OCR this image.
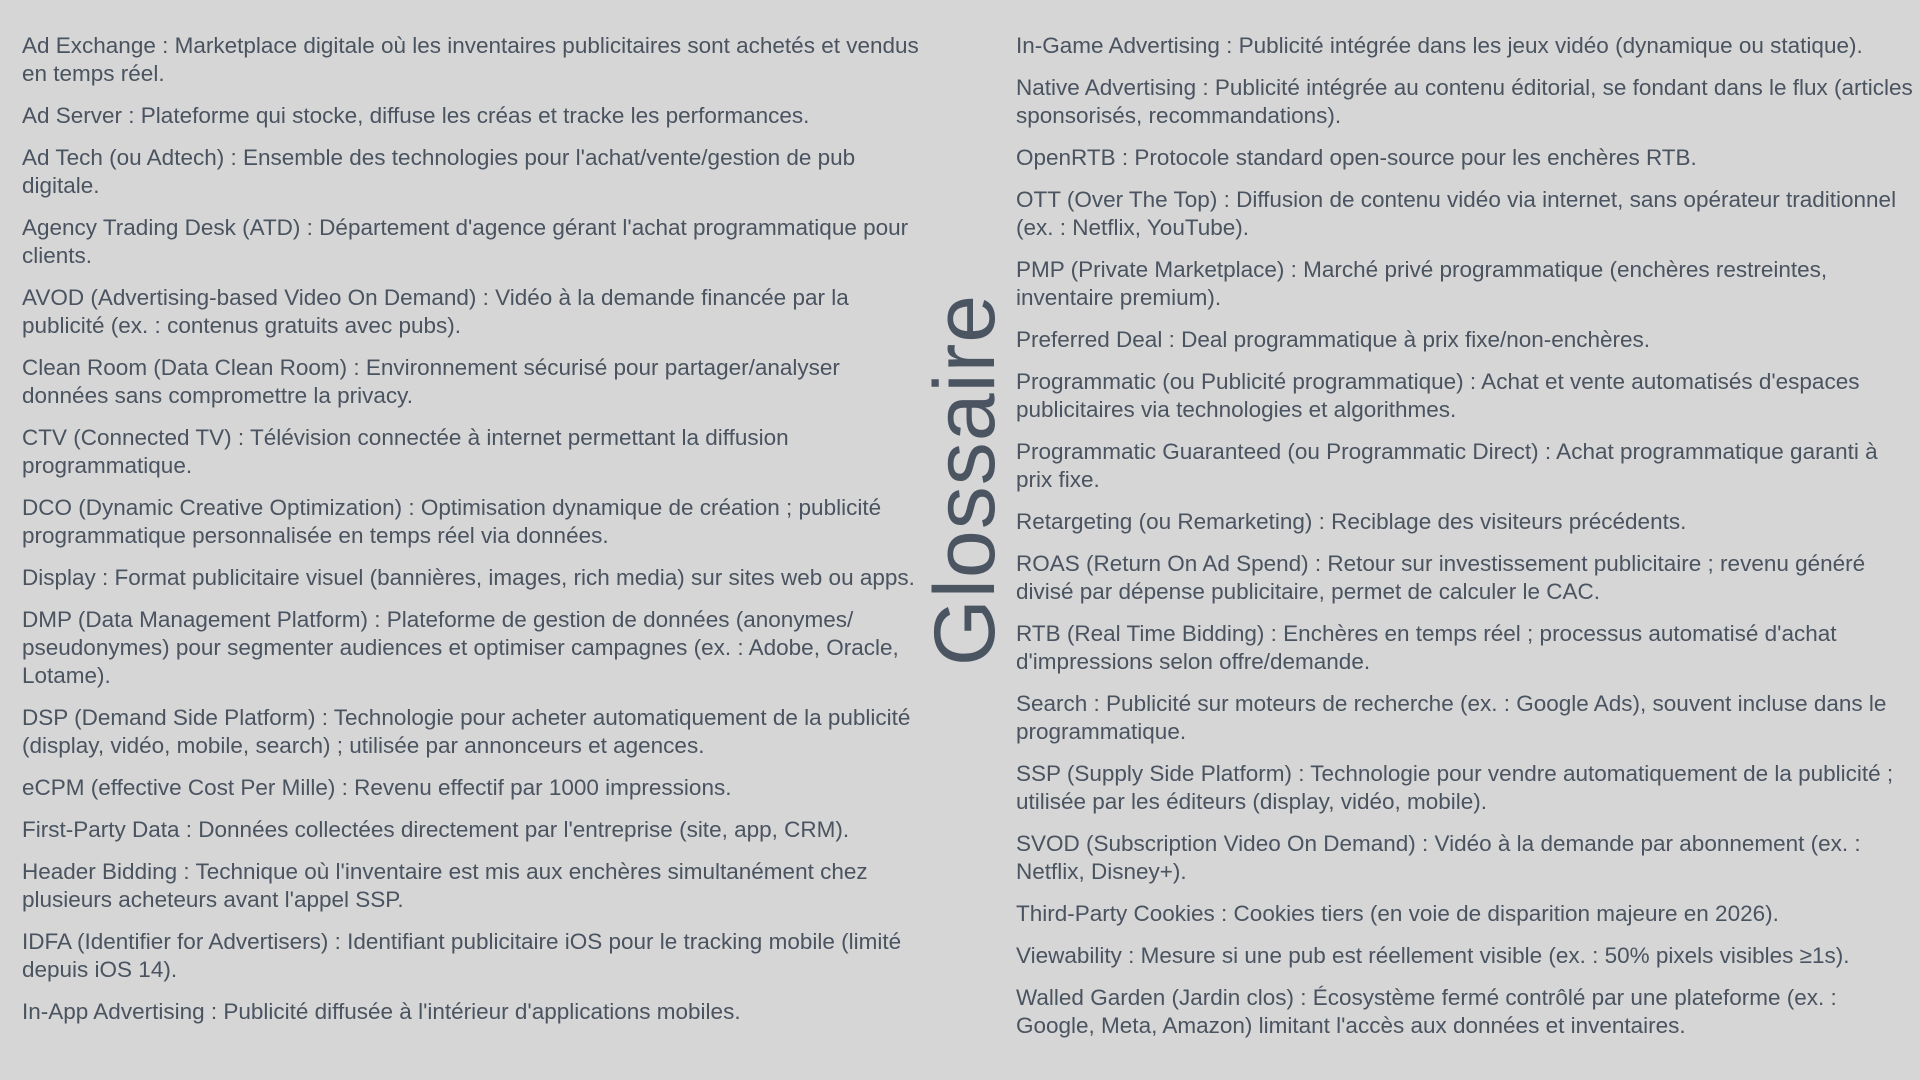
Ad Exchange : Marketplace digitale où les inventaires publicitaires sont achetés et vendus en temps réel.

Ad Server : Plateforme qui stocke, diffuse les créas et tracke les performances.

Ad Tech (ou Adtech) : Ensemble des technologies pour l'achat/vente/gestion de pub digitale.

Agency Trading Desk (ATD) : Département d'agence gérant l'achat programmatique pour clients.

AVOD (Advertising-based Video On Demand) : Vidéo à la demande financée par la publicité (ex. : contenus gratuits avec pubs).

Clean Room (Data Clean Room) : Environnement sécurisé pour partager/analyser données sans compromettre la privacy.

CTV (Connected TV) : Télévision connectée à internet permettant la diffusion programmatique.

DCO (Dynamic Creative Optimization) : Optimisation dynamique de création ; publicité programmatique personnalisée en temps réel via données.

Display : Format publicitaire visuel (bannières, images, rich media) sur sites web ou apps.

DMP (Data Management Platform) : Plateforme de gestion de données (anonymes/ pseudonymes) pour segmenter audiences et optimiser campagnes (ex. : Adobe, Oracle, Lotame).

DSP (Demand Side Platform) : Technologie pour acheter automatiquement de la publicité (display, vidéo, mobile, search) ; utilisée par annonceurs et agences.

eCPM (effective Cost Per Mille) : Revenu effectif par 1000 impressions.

First-Party Data : Données collectées directement par l'entreprise (site, app, CRM).

Header Bidding : Technique où l'inventaire est mis aux enchères simultanément chez plusieurs acheteurs avant l'appel SSP.

IDFA (Identifier for Advertisers) : Identifiant publicitaire iOS pour le tracking mobile (limité depuis iOS 14).

In-App Advertising : Publicité diffusée à l'intérieur d'applications mobiles.

Glossaire

In-Game Advertising : Publicité intégrée dans les jeux vidéo (dynamique ou statique).

Native Advertising : Publicité intégrée au contenu éditorial, se fondant dans le flux (articles sponsorisés, recommandations).

OpenRTB : Protocole standard open-source pour les enchères RTB.

OTT (Over The Top) : Diffusion de contenu vidéo via internet, sans opérateur traditionnel (ex. : Netflix, YouTube).

PMP (Private Marketplace) : Marché privé programmatique (enchères restreintes, inventaire premium).

Preferred Deal : Deal programmatique à prix fixe/non-enchères.

Programmatic (ou Publicité programmatique) : Achat et vente automatisés d'espaces publicitaires via technologies et algorithmes.

Programmatic Guaranteed (ou Programmatic Direct) : Achat programmatique garanti à prix fixe.

Retargeting (ou Remarketing) : Reciblage des visiteurs précédents.

ROAS (Return On Ad Spend) : Retour sur investissement publicitaire ; revenu généré divisé par dépense publicitaire, permet de calculer le CAC.

RTB (Real Time Bidding) : Enchères en temps réel ; processus automatisé d'achat d'impressions selon offre/demande.

Search : Publicité sur moteurs de recherche (ex. : Google Ads), souvent incluse dans le programmatique.

SSP (Supply Side Platform) : Technologie pour vendre automatiquement de la publicité ; utilisée par les éditeurs (display, vidéo, mobile).

SVOD (Subscription Video On Demand) : Vidéo à la demande par abonnement (ex. : Netflix, Disney+).

Third-Party Cookies : Cookies tiers (en voie de disparition majeure en 2026).

Viewability : Mesure si une pub est réellement visible (ex. : 50% pixels visibles ≥1s).

Walled Garden (Jardin clos) : Écosystème fermé contrôlé par une plateforme (ex. : Google, Meta, Amazon) limitant l'accès aux données et inventaires.
